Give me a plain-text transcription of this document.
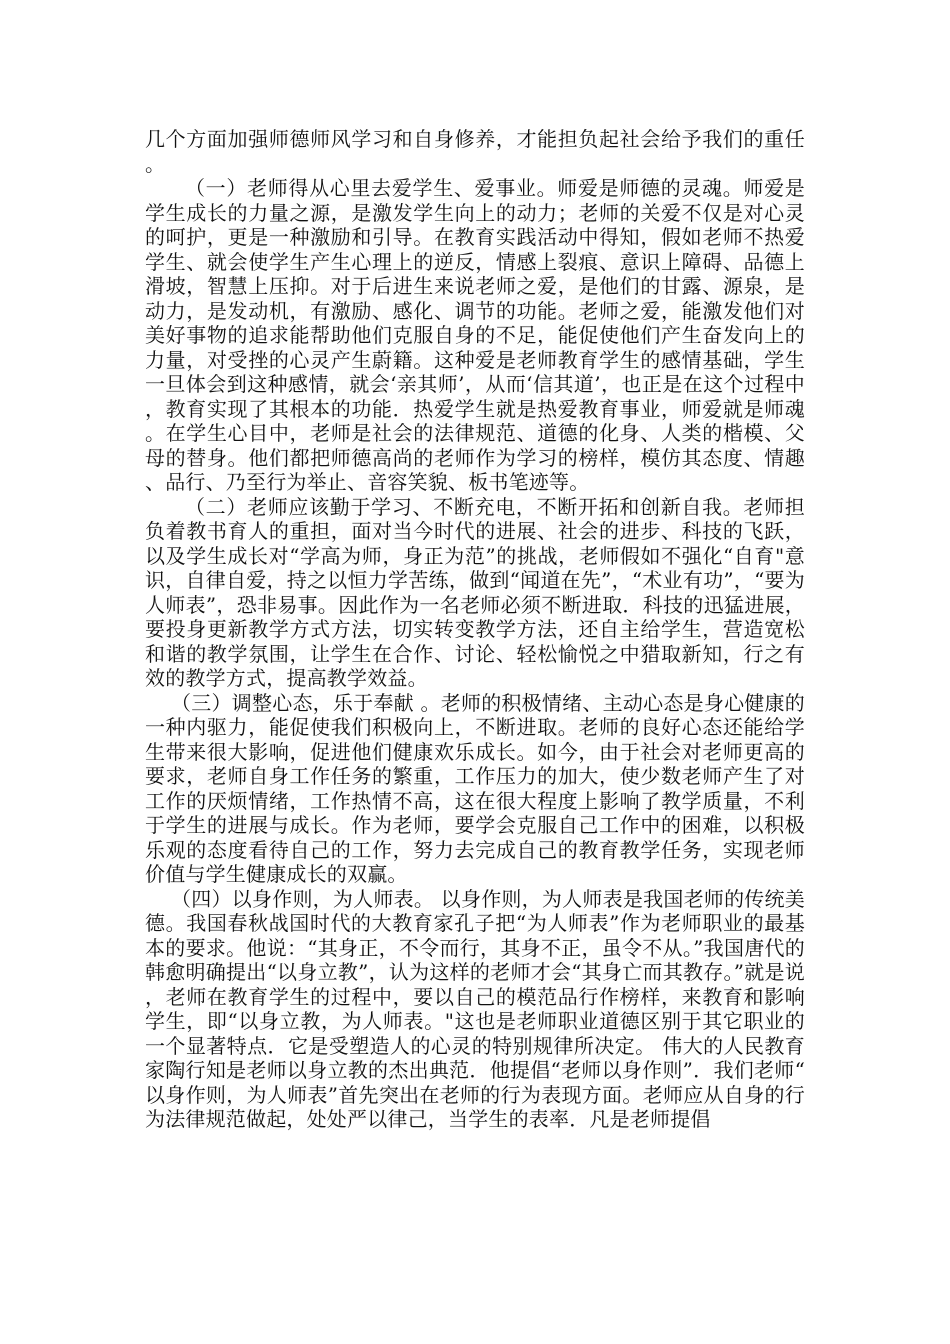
几个方面加强师德师风学习和自身修养，才能担负起社会给予我们的重任。

（一）老师得从心里去爱学生、爱事业。师爱是师德的灵魂。师爱是学生成长的力量之源，是激发学生向上的动力；老师的关爱不仅是对心灵的呵护，更是一种激励和引导。在教育实践活动中得知，假如老师不热爱学生、就会使学生产生心理上的逆反，情感上裂痕、意识上障碍、品德上滑坡，智慧上压抑。对于后进生来说老师之爱，是他们的甘露、源泉，是动力，是发动机，有激励、感化、调节的功能。老师之爱，能激发他们对美好事物的追求能帮助他们克服自身的不足，能促使他们产生奋发向上的力量，对受挫的心灵产生蔚籍。这种爱是老师教育学生的感情基础，学生一旦体会到这种感情，就会‘亲其师’，从而‘信其道’，也正是在这个过程中，教育实现了其根本的功能．热爱学生就是热爱教育事业，师爱就是师魂。在学生心目中，老师是社会的法律规范、道德的化身、人类的楷模、父母的替身。他们都把师德高尚的老师作为学习的榜样，模仿其态度、情趣、品行、乃至行为举止、音容笑貌、板书笔迹等。

（二）老师应该勤于学习、不断充电，不断开拓和创新自我。老师担负着教书育人的重担，面对当今时代的进展、社会的进步、科技的飞跃，以及学生成长对“学高为师，身正为范”的挑战，老师假如不强化“自育"意识，自律自爱，持之以恒力学苦练，做到“闻道在先”，“术业有功”，“要为人师表”，恐非易事。因此作为一名老师必须不断进取．科技的迅猛进展，要投身更新教学方式方法，切实转变教学方法，还自主给学生，营造宽松和谐的教学氛围，让学生在合作、讨论、轻松愉悦之中猎取新知，行之有效的教学方式，提高教学效益。

（三）调整心态，乐于奉献 。老师的积极情绪、主动心态是身心健康的一种内驱力，能促使我们积极向上，不断进取。老师的良好心态还能给学生带来很大影响，促进他们健康欢乐成长。如今，由于社会对老师更高的要求，老师自身工作任务的繁重，工作压力的加大，使少数老师产生了对工作的厌烦情绪，工作热情不高，这在很大程度上影响了教学质量，不利于学生的进展与成长。作为老师，要学会克服自己工作中的困难，以积极乐观的态度看待自己的工作，努力去完成自己的教育教学任务，实现老师价值与学生健康成长的双赢。

（四）以身作则，为人师表。 以身作则，为人师表是我国老师的传统美德。我国春秋战国时代的大教育家孔子把“为人师表”作为老师职业的最基本的要求。他说：“其身正，不令而行，其身不正，虽令不从。”我国唐代的韩愈明确提出“以身立教”，认为这样的老师才会“其身亡而其教存。”就是说，老师在教育学生的过程中，要以自己的模范品行作榜样，来教育和影响学生，即“以身立教，为人师表。"这也是老师职业道德区别于其它职业的一个显著特点．它是受塑造人的心灵的特别规律所决定。 伟大的人民教育家陶行知是老师以身立教的杰出典范．他提倡“老师以身作则”．我们老师“以身作则，为人师表”首先突出在老师的行为表现方面。老师应从自身的行为法律规范做起，处处严以律己，当学生的表率．凡是老师提倡
